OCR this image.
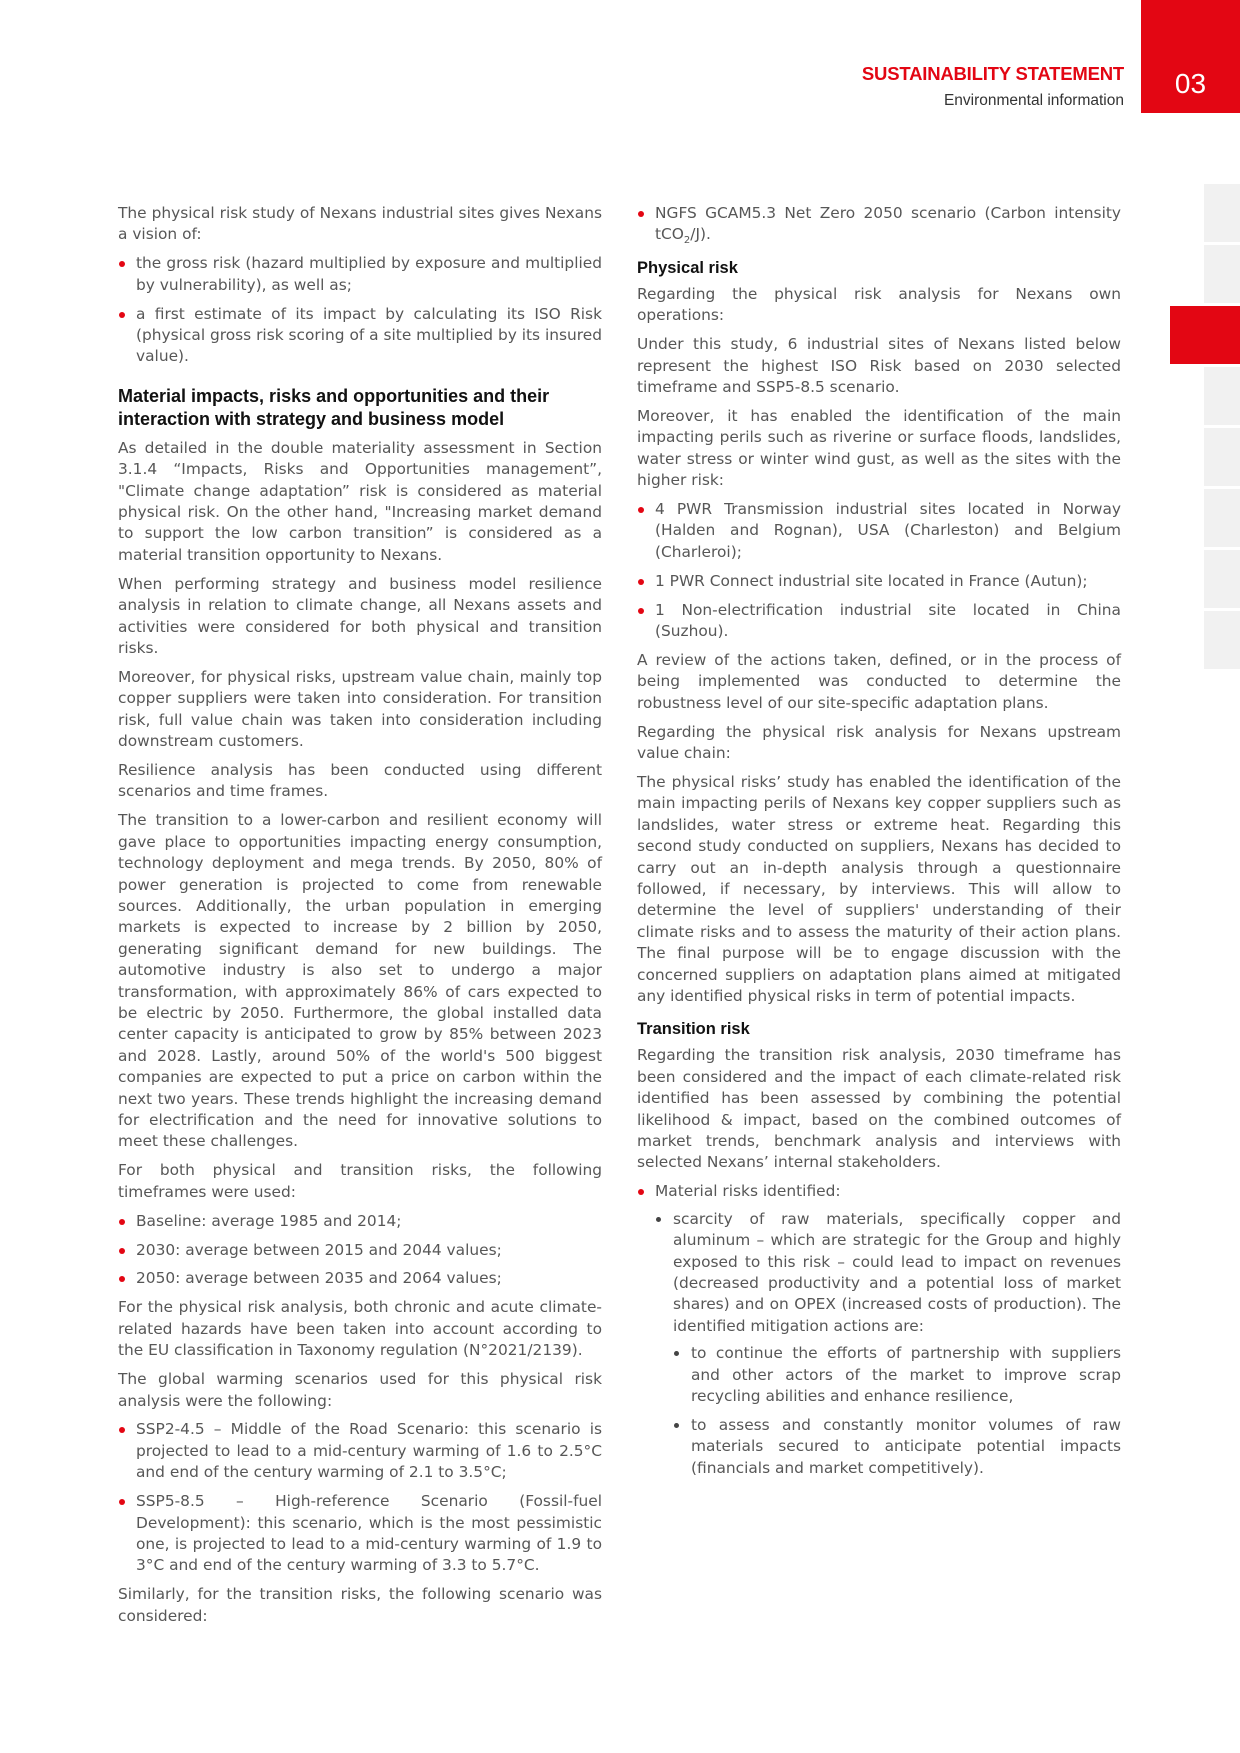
SUSTAINABILITY STATEMENT
Environmental information
03

The physical risk study of Nexans industrial sites gives Nexans a vision of:

the gross risk (hazard multiplied by exposure and multiplied by vulnerability), as well as;
a first estimate of its impact by calculating its ISO Risk (physical gross risk scoring of a site multiplied by its insured value).
Material impacts, risks and opportunities and their interaction with strategy and business model

As detailed in the double materiality assessment in Section 3.1.4 “Impacts, Risks and Opportunities management”, "Climate change adaptation” risk is considered as material physical risk. On the other hand, "Increasing market demand to support the low carbon transition” is considered as a material transition opportunity to Nexans.

When performing strategy and business model resilience analysis in relation to climate change, all Nexans assets and activities were considered for both physical and transition risks.

Moreover, for physical risks, upstream value chain, mainly top copper suppliers were taken into consideration. For transition risk, full value chain was taken into consideration including downstream customers.

Resilience analysis has been conducted using different scenarios and time frames.

The transition to a lower-carbon and resilient economy will gave place to opportunities impacting energy consumption, technology deployment and mega trends. By 2050, 80% of power generation is projected to come from renewable sources. Additionally, the urban population in emerging markets is expected to increase by 2 billion by 2050, generating significant demand for new buildings. The automotive industry is also set to undergo a major transformation, with approximately 86% of cars expected to be electric by 2050. Furthermore, the global installed data center capacity is anticipated to grow by 85% between 2023 and 2028. Lastly, around 50% of the world's 500 biggest companies are expected to put a price on carbon within the next two years. These trends highlight the increasing demand for electrification and the need for innovative solutions to meet these challenges.

For both physical and transition risks, the following timeframes were used:

Baseline: average 1985 and 2014;
2030: average between 2015 and 2044 values;
2050: average between 2035 and 2064 values;

For the physical risk analysis, both chronic and acute climate-related hazards have been taken into account according to the EU classification in Taxonomy regulation (N°2021/2139).

The global warming scenarios used for this physical risk analysis were the following:

SSP2-4.5 – Middle of the Road Scenario: this scenario is projected to lead to a mid-century warming of 1.6 to 2.5°C and end of the century warming of 2.1 to 3.5°C;
SSP5-8.5 – High-reference Scenario (Fossil-fuel Development): this scenario, which is the most pessimistic one, is projected to lead to a mid-century warming of 1.9 to 3°C and end of the century warming of 3.3 to 5.7°C.

Similarly, for the transition risks, the following scenario was considered:

NGFS GCAM5.3 Net Zero 2050 scenario (Carbon intensity tCO$_2$/J).
Physical risk

Regarding the physical risk analysis for Nexans own operations:

Under this study, 6 industrial sites of Nexans listed below represent the highest ISO Risk based on 2030 selected timeframe and SSP5-8.5 scenario.

Moreover, it has enabled the identification of the main impacting perils such as riverine or surface floods, landslides, water stress or winter wind gust, as well as the sites with the higher risk:

4 PWR Transmission industrial sites located in Norway (Halden and Rognan), USA (Charleston) and Belgium (Charleroi);
1 PWR Connect industrial site located in France (Autun);
1 Non-electrification industrial site located in China (Suzhou).

A review of the actions taken, defined, or in the process of being implemented was conducted to determine the robustness level of our site-specific adaptation plans.

Regarding the physical risk analysis for Nexans upstream value chain:

The physical risks’ study has enabled the identification of the main impacting perils of Nexans key copper suppliers such as landslides, water stress or extreme heat. Regarding this second study conducted on suppliers, Nexans has decided to carry out an in-depth analysis through a questionnaire followed, if necessary, by interviews. This will allow to determine the level of suppliers' understanding of their climate risks and to assess the maturity of their action plans. The final purpose will be to engage discussion with the concerned suppliers on adaptation plans aimed at mitigated any identified physical risks in term of potential impacts.

Transition risk

Regarding the transition risk analysis, 2030 timeframe has been considered and the impact of each climate-related risk identified has been assessed by combining the potential likelihood & impact, based on the combined outcomes of market trends, benchmark analysis and interviews with selected Nexans’ internal stakeholders.

Material risks identified:
scarcity of raw materials, specifically copper and aluminum – which are strategic for the Group and highly exposed to this risk – could lead to impact on revenues (decreased productivity and a potential loss of market shares) and on OPEX (increased costs of production). The identified mitigation actions are:
to continue the efforts of partnership with suppliers and other actors of the market to improve scrap recycling abilities and enhance resilience,
to assess and constantly monitor volumes of raw materials secured to anticipate potential impacts (financials and market competitively).
